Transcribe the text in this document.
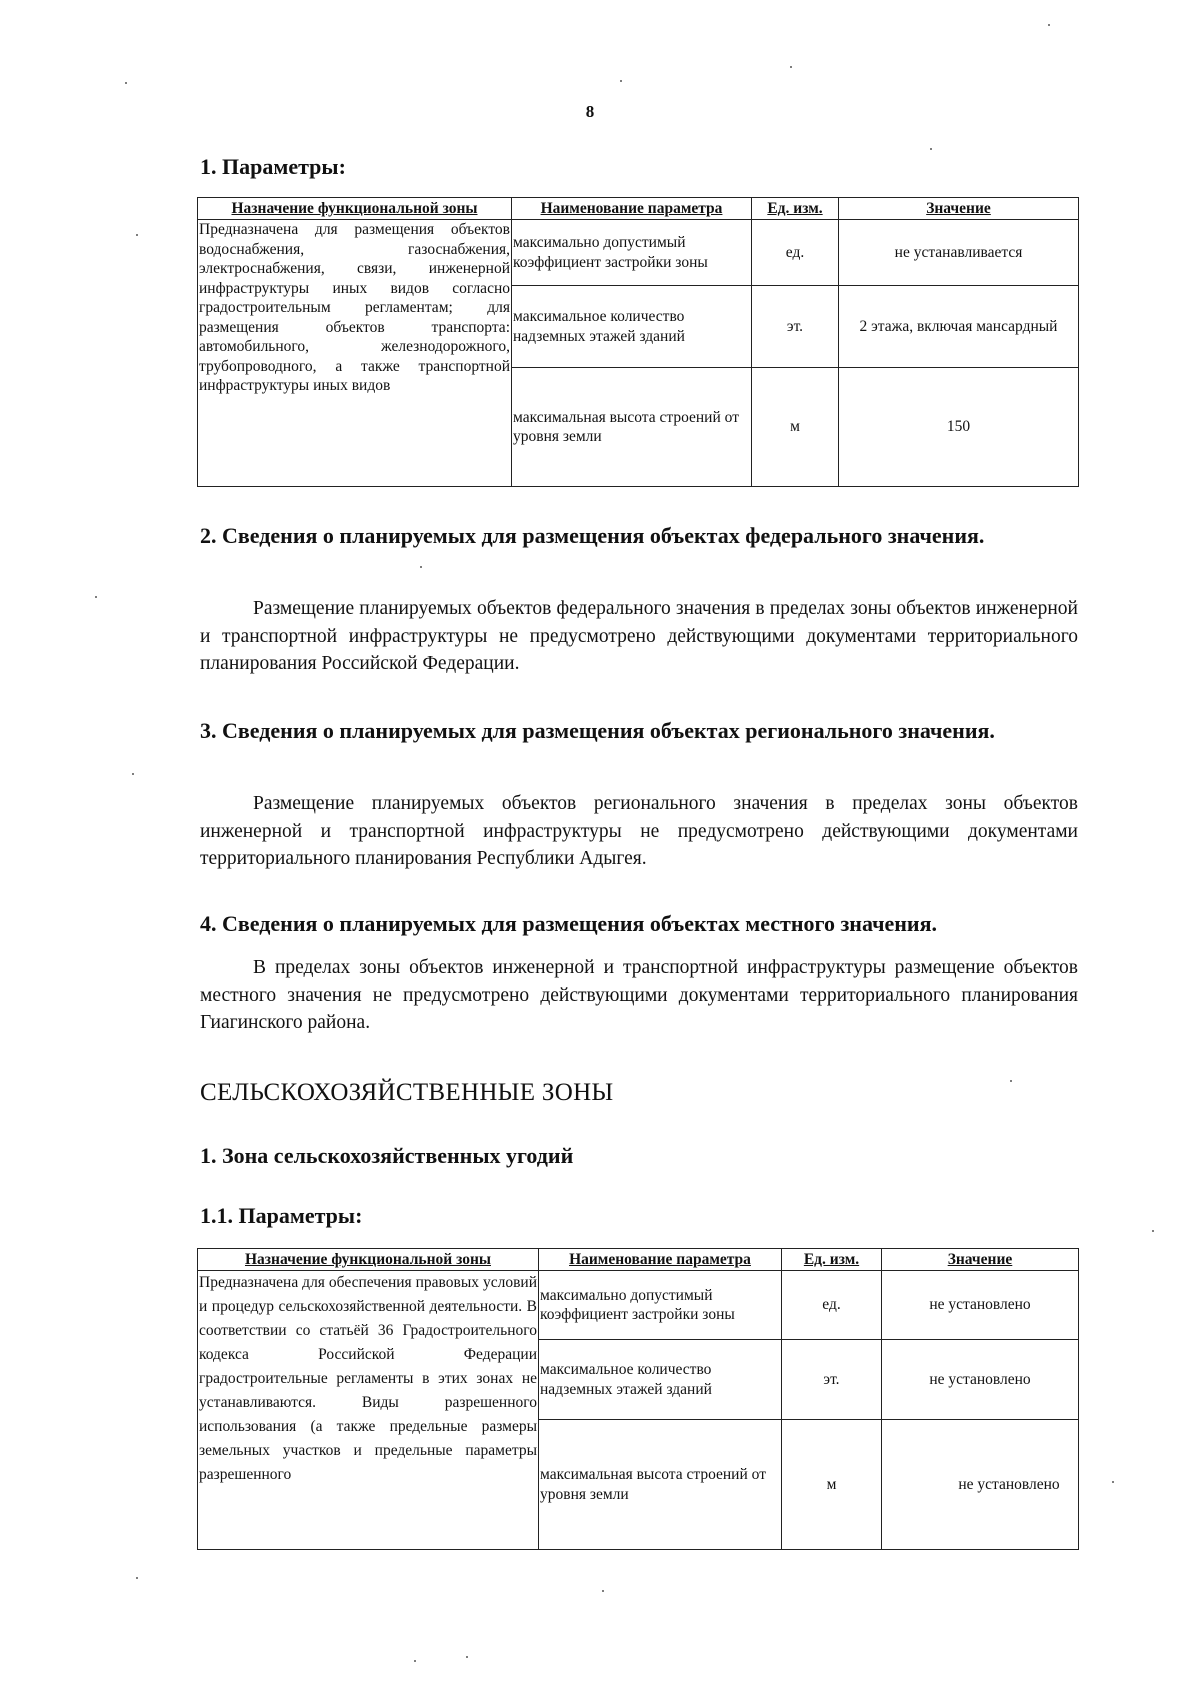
8
1. Параметры:
Назначение функциональной зоны	Наименование параметра	Ед. изм.	Значение
Предназначена для размещения объектов водоснабжения, газоснабжения, электроснабжения, связи, инженерной инфраструктуры иных видов согласно градостроительным регламентам; для размещения объектов транспорта: автомобильного, железнодорожного, трубопроводного, а также транспортной инфраструктуры иных видов	максимально допустимый коэффициент застройки зоны	ед.	не устанавливается
	максимальное количество надземных этажей зданий	эт.	2 этажа, включая мансардный
	максимальная высота строений от уровня земли	м	150
2. Сведения о планируемых для размещения объектах федерального значения.
Размещение планируемых объектов федерального значения в пределах зоны объектов инженерной и транспортной инфраструктуры не предусмотрено действующими документами территориального планирования Российской Федерации.
3. Сведения о планируемых для размещения объектах регионального значения.
Размещение планируемых объектов регионального значения в пределах зоны объектов инженерной и транспортной инфраструктуры не предусмотрено действующими документами территориального планирования Республики Адыгея.
4. Сведения о планируемых для размещения объектах местного значения.
В пределах зоны объектов инженерной и транспортной инфраструктуры размещение объектов местного значения не предусмотрено действующими документами территориального планирования Гиагинского района.
СЕЛЬСКОХОЗЯЙСТВЕННЫЕ ЗОНЫ
1. Зона сельскохозяйственных угодий
1.1. Параметры:
Назначение функциональной зоны	Наименование параметра	Ед. изм.	Значение
Предназначена для обеспечения правовых условий и процедур сельскохозяйственной деятельности. В соответствии со статьёй 36 Градостроительного кодекса Российской Федерации градостроительные регламенты в этих зонах не устанавливаются. Виды разрешенного использования (а также предельные размеры земельных участков и предельные параметры разрешенного	максимально допустимый коэффициент застройки зоны	ед.	не установлено
	максимальное количество надземных этажей зданий	эт.	не установлено
	максимальная высота строений от уровня земли	м	не установлено
